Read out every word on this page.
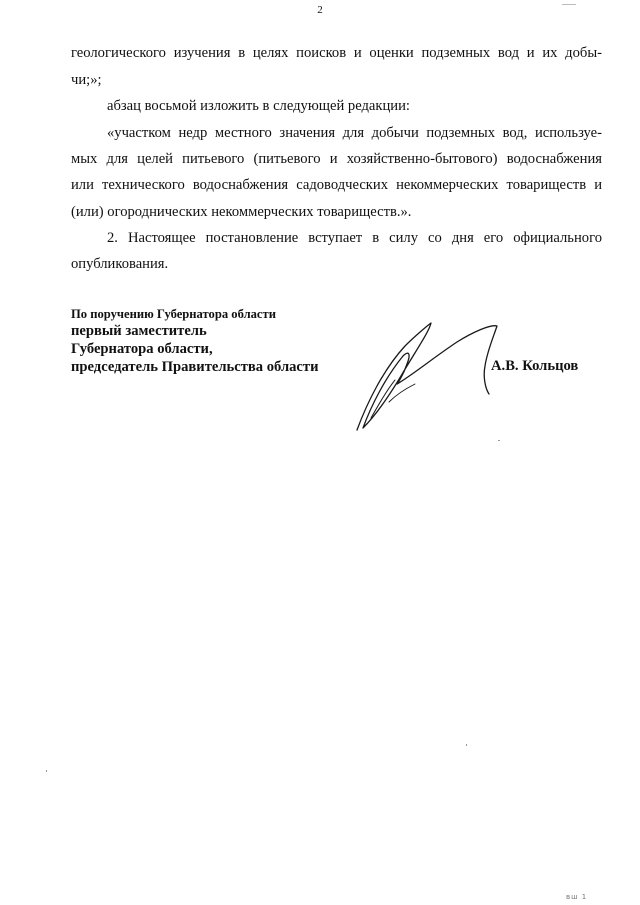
2
геологического изучения в целях поисков и оценки подземных вод и их добы-
чи;»;
абзац восьмой изложить в следующей редакции:
«участком недр местного значения для добычи подземных вод, используе-
мых для целей питьевого (питьевого и хозяйственно-бытового) водоснабжения
или технического водоснабжения садоводческих некоммерческих товариществ и
(или) огороднических некоммерческих товариществ.».
2. Настоящее постановление вступает в силу со дня его официального
опубликования.
По поручению Губернатора области
первый заместитель
Губернатора области,
председатель Правительства области	А.В. Кольцов
вш 1
